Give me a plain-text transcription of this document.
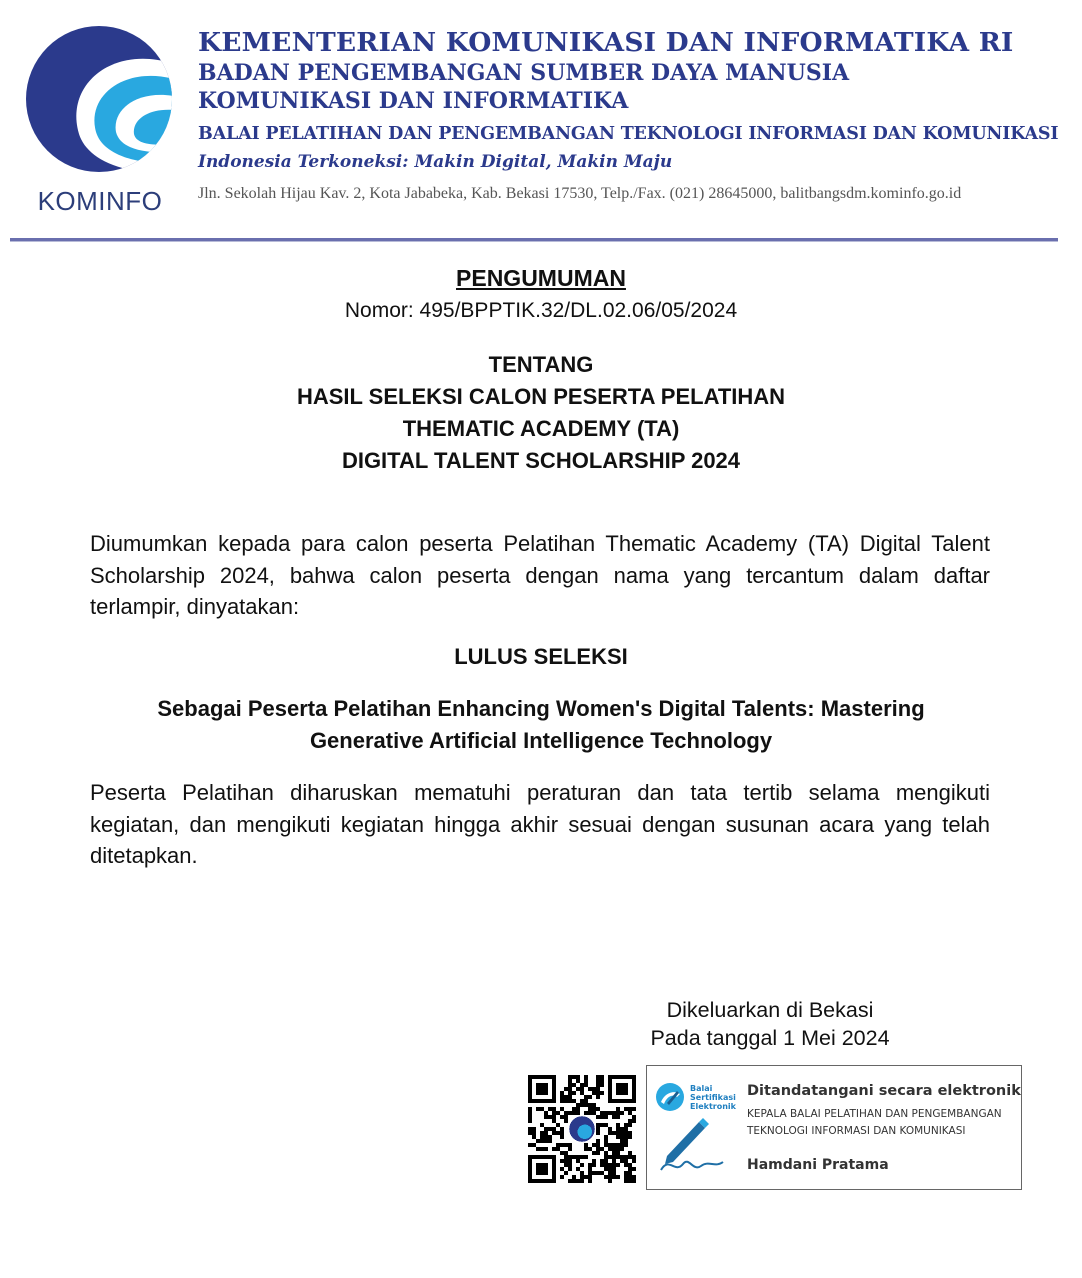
KOMINFO
KEMENTERIAN KOMUNIKASI DAN INFORMATIKA RI
BADAN PENGEMBANGAN SUMBER DAYA MANUSIA
KOMUNIKASI DAN INFORMATIKA
BALAI PELATIHAN DAN PENGEMBANGAN TEKNOLOGI INFORMASI DAN KOMUNIKASI
Indonesia Terkoneksi: Makin Digital, Makin Maju
Jln. Sekolah Hijau Kav. 2, Kota Jababeka, Kab. Bekasi 17530, Telp./Fax. (021) 28645000, balitbangsdm.kominfo.go.id
PENGUMUMAN
Nomor: 495/BPPTIK.32/DL.02.06/05/2024
TENTANG
HASIL SELEKSI CALON PESERTA PELATIHAN
THEMATIC ACADEMY (TA)
DIGITAL TALENT SCHOLARSHIP 2024
Diumumkan kepada para calon peserta Pelatihan Thematic Academy (TA) Digital Talent Scholarship 2024, bahwa calon peserta dengan nama yang tercantum dalam daftar terlampir, dinyatakan:
LULUS SELEKSI
Sebagai Peserta Pelatihan Enhancing Women's Digital Talents: Mastering
Generative Artificial Intelligence Technology
Peserta Pelatihan diharuskan mematuhi peraturan dan tata tertib selama mengikuti kegiatan, dan mengikuti kegiatan hingga akhir sesuai dengan susunan acara yang telah ditetapkan.
Dikeluarkan di Bekasi
Pada tanggal 1 Mei 2024
Balai
Sertifikasi
Elektronik
Ditandatangani secara elektronik
KEPALA BALAI PELATIHAN DAN PENGEMBANGAN
TEKNOLOGI INFORMASI DAN KOMUNIKASI
Hamdani Pratama
